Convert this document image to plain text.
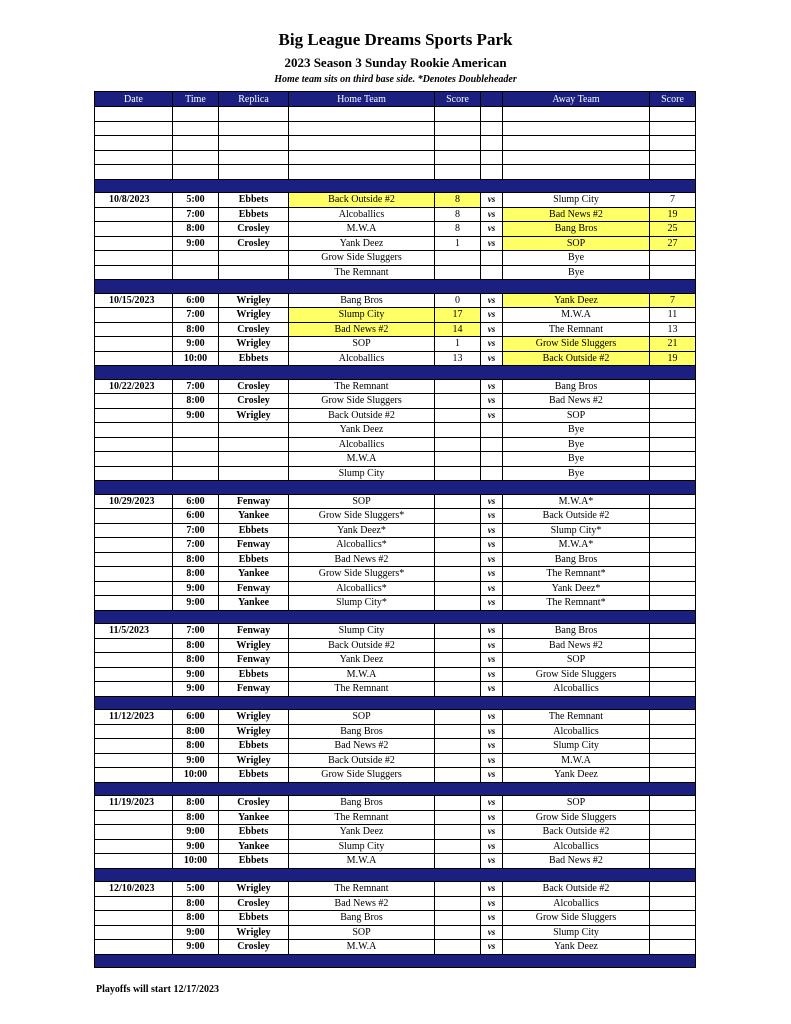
Big League Dreams Sports Park
2023 Season 3 Sunday Rookie American
Home team sits on third base side. *Denotes Doubleheader
Date	Time	Replica	Home Team	Score		Away Team	Score

10/8/2023	5:00	Ebbets	Back Outside #2	8	vs	Slump City	7
	7:00	Ebbets	Alcoballics	8	vs	Bad News #2	19
	8:00	Crosley	M.W.A	8	vs	Bang Bros	25
	9:00	Crosley	Yank Deez	1	vs	SOP	27
			Grow Side Sluggers			Bye	
			The Remnant			Bye	

10/15/2023	6:00	Wrigley	Bang Bros	0	vs	Yank Deez	7
	7:00	Wrigley	Slump City	17	vs	M.W.A	11
	8:00	Crosley	Bad News #2	14	vs	The Remnant	13
	9:00	Wrigley	SOP	1	vs	Grow Side Sluggers	21
	10:00	Ebbets	Alcoballics	13	vs	Back Outside #2	19

10/22/2023	7:00	Crosley	The Remnant		vs	Bang Bros	
	8:00	Crosley	Grow Side Sluggers		vs	Bad News #2	
	9:00	Wrigley	Back Outside #2		vs	SOP	
			Yank Deez			Bye	
			Alcoballics			Bye	
			M.W.A			Bye	
			Slump City			Bye	

10/29/2023	6:00	Fenway	SOP		vs	M.W.A*	
	6:00	Yankee	Grow Side Sluggers*		vs	Back Outside #2	
	7:00	Ebbets	Yank Deez*		vs	Slump City*	
	7:00	Fenway	Alcoballics*		vs	M.W.A*	
	8:00	Ebbets	Bad News #2		vs	Bang Bros	
	8:00	Yankee	Grow Side Sluggers*		vs	The Remnant*	
	9:00	Fenway	Alcoballics*		vs	Yank Deez*	
	9:00	Yankee	Slump City*		vs	The Remnant*	

11/5/2023	7:00	Fenway	Slump City		vs	Bang Bros	
	8:00	Wrigley	Back Outside #2		vs	Bad News #2	
	8:00	Fenway	Yank Deez		vs	SOP	
	9:00	Ebbets	M.W.A		vs	Grow Side Sluggers	
	9:00	Fenway	The Remnant		vs	Alcoballics	

11/12/2023	6:00	Wrigley	SOP		vs	The Remnant	
	8:00	Wrigley	Bang Bros		vs	Alcoballics	
	8:00	Ebbets	Bad News #2		vs	Slump City	
	9:00	Wrigley	Back Outside #2		vs	M.W.A	
	10:00	Ebbets	Grow Side Sluggers		vs	Yank Deez	

11/19/2023	8:00	Crosley	Bang Bros		vs	SOP	
	8:00	Yankee	The Remnant		vs	Grow Side Sluggers	
	9:00	Ebbets	Yank Deez		vs	Back Outside #2	
	9:00	Yankee	Slump City		vs	Alcoballics	
	10:00	Ebbets	M.W.A		vs	Bad News #2	

12/10/2023	5:00	Wrigley	The Remnant		vs	Back Outside #2	
	8:00	Crosley	Bad News #2		vs	Alcoballics	
	8:00	Ebbets	Bang Bros		vs	Grow Side Sluggers	
	9:00	Wrigley	SOP		vs	Slump City	
	9:00	Crosley	M.W.A		vs	Yank Deez	

Playoffs will start 12/17/2023
